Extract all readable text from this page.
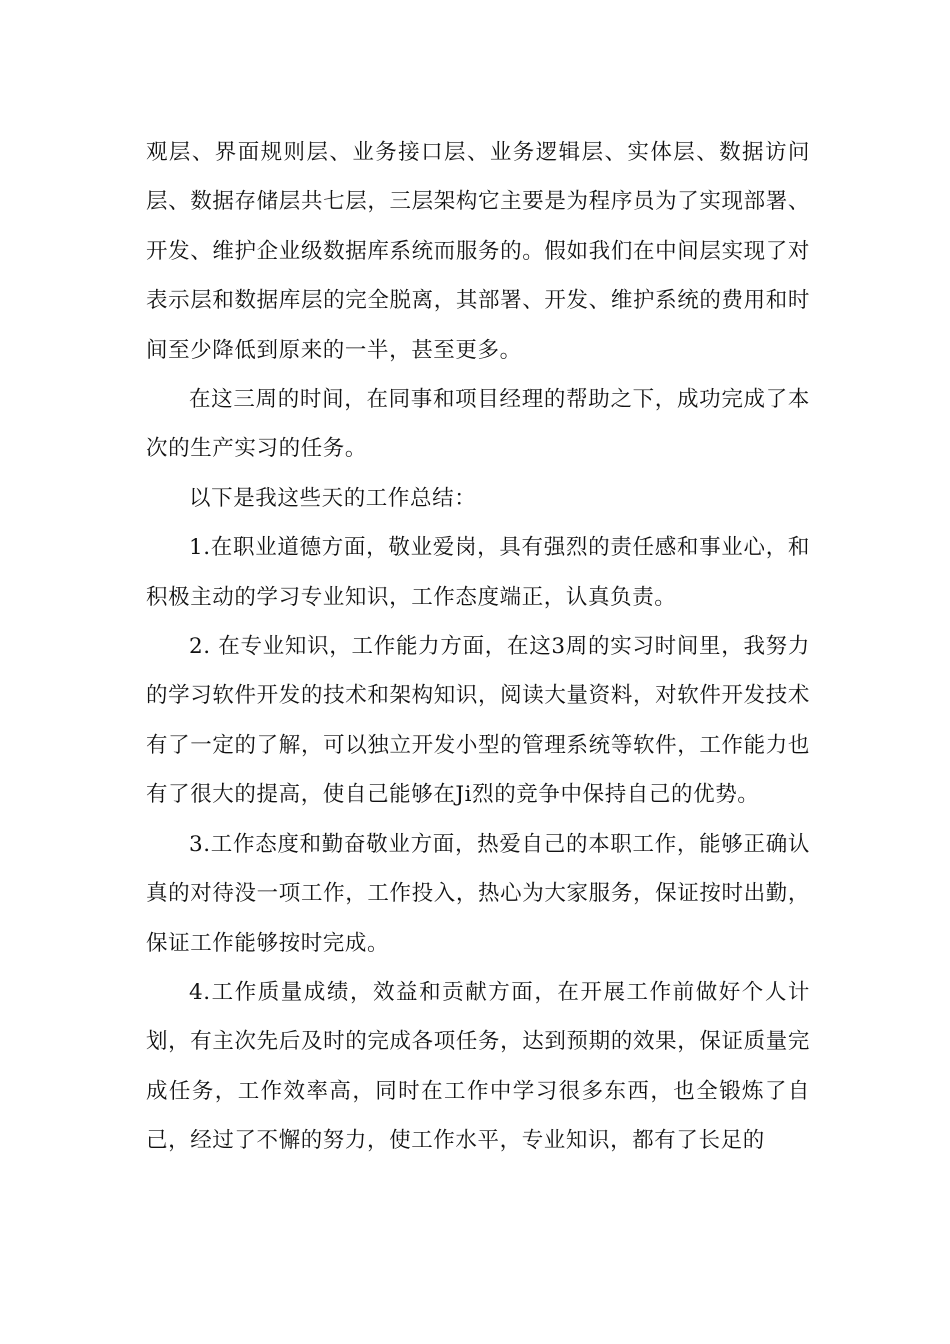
观层、界面规则层、业务接口层、业务逻辑层、实体层、数据访问层、数据存储层共七层，三层架构它主要是为程序员为了实现部署、开发、维护企业级数据库系统而服务的。假如我们在中间层实现了对表示层和数据库层的完全脱离，其部署、开发、维护系统的费用和时间至少降低到原来的一半，甚至更多。

在这三周的时间，在同事和项目经理的帮助之下，成功完成了本次的生产实习的任务。

以下是我这些天的工作总结：

1.在职业道德方面，敬业爱岗，具有强烈的责任感和事业心，和积极主动的学习专业知识，工作态度端正，认真负责。

2. 在专业知识，工作能力方面，在这3周的实习时间里，我努力的学习软件开发的技术和架构知识，阅读大量资料，对软件开发技术有了一定的了解，可以独立开发小型的管理系统等软件，工作能力也有了很大的提高，使自己能够在Ji烈的竞争中保持自己的优势。

3.工作态度和勤奋敬业方面，热爱自己的本职工作，能够正确认真的对待没一项工作，工作投入，热心为大家服务，保证按时出勤，保证工作能够按时完成。

4.工作质量成绩，效益和贡献方面，在开展工作前做好个人计划，有主次先后及时的完成各项任务，达到预期的效果，保证质量完成任务，工作效率高，同时在工作中学习很多东西，也全锻炼了自己，经过了不懈的努力，使工作水平，专业知识，都有了长足的
